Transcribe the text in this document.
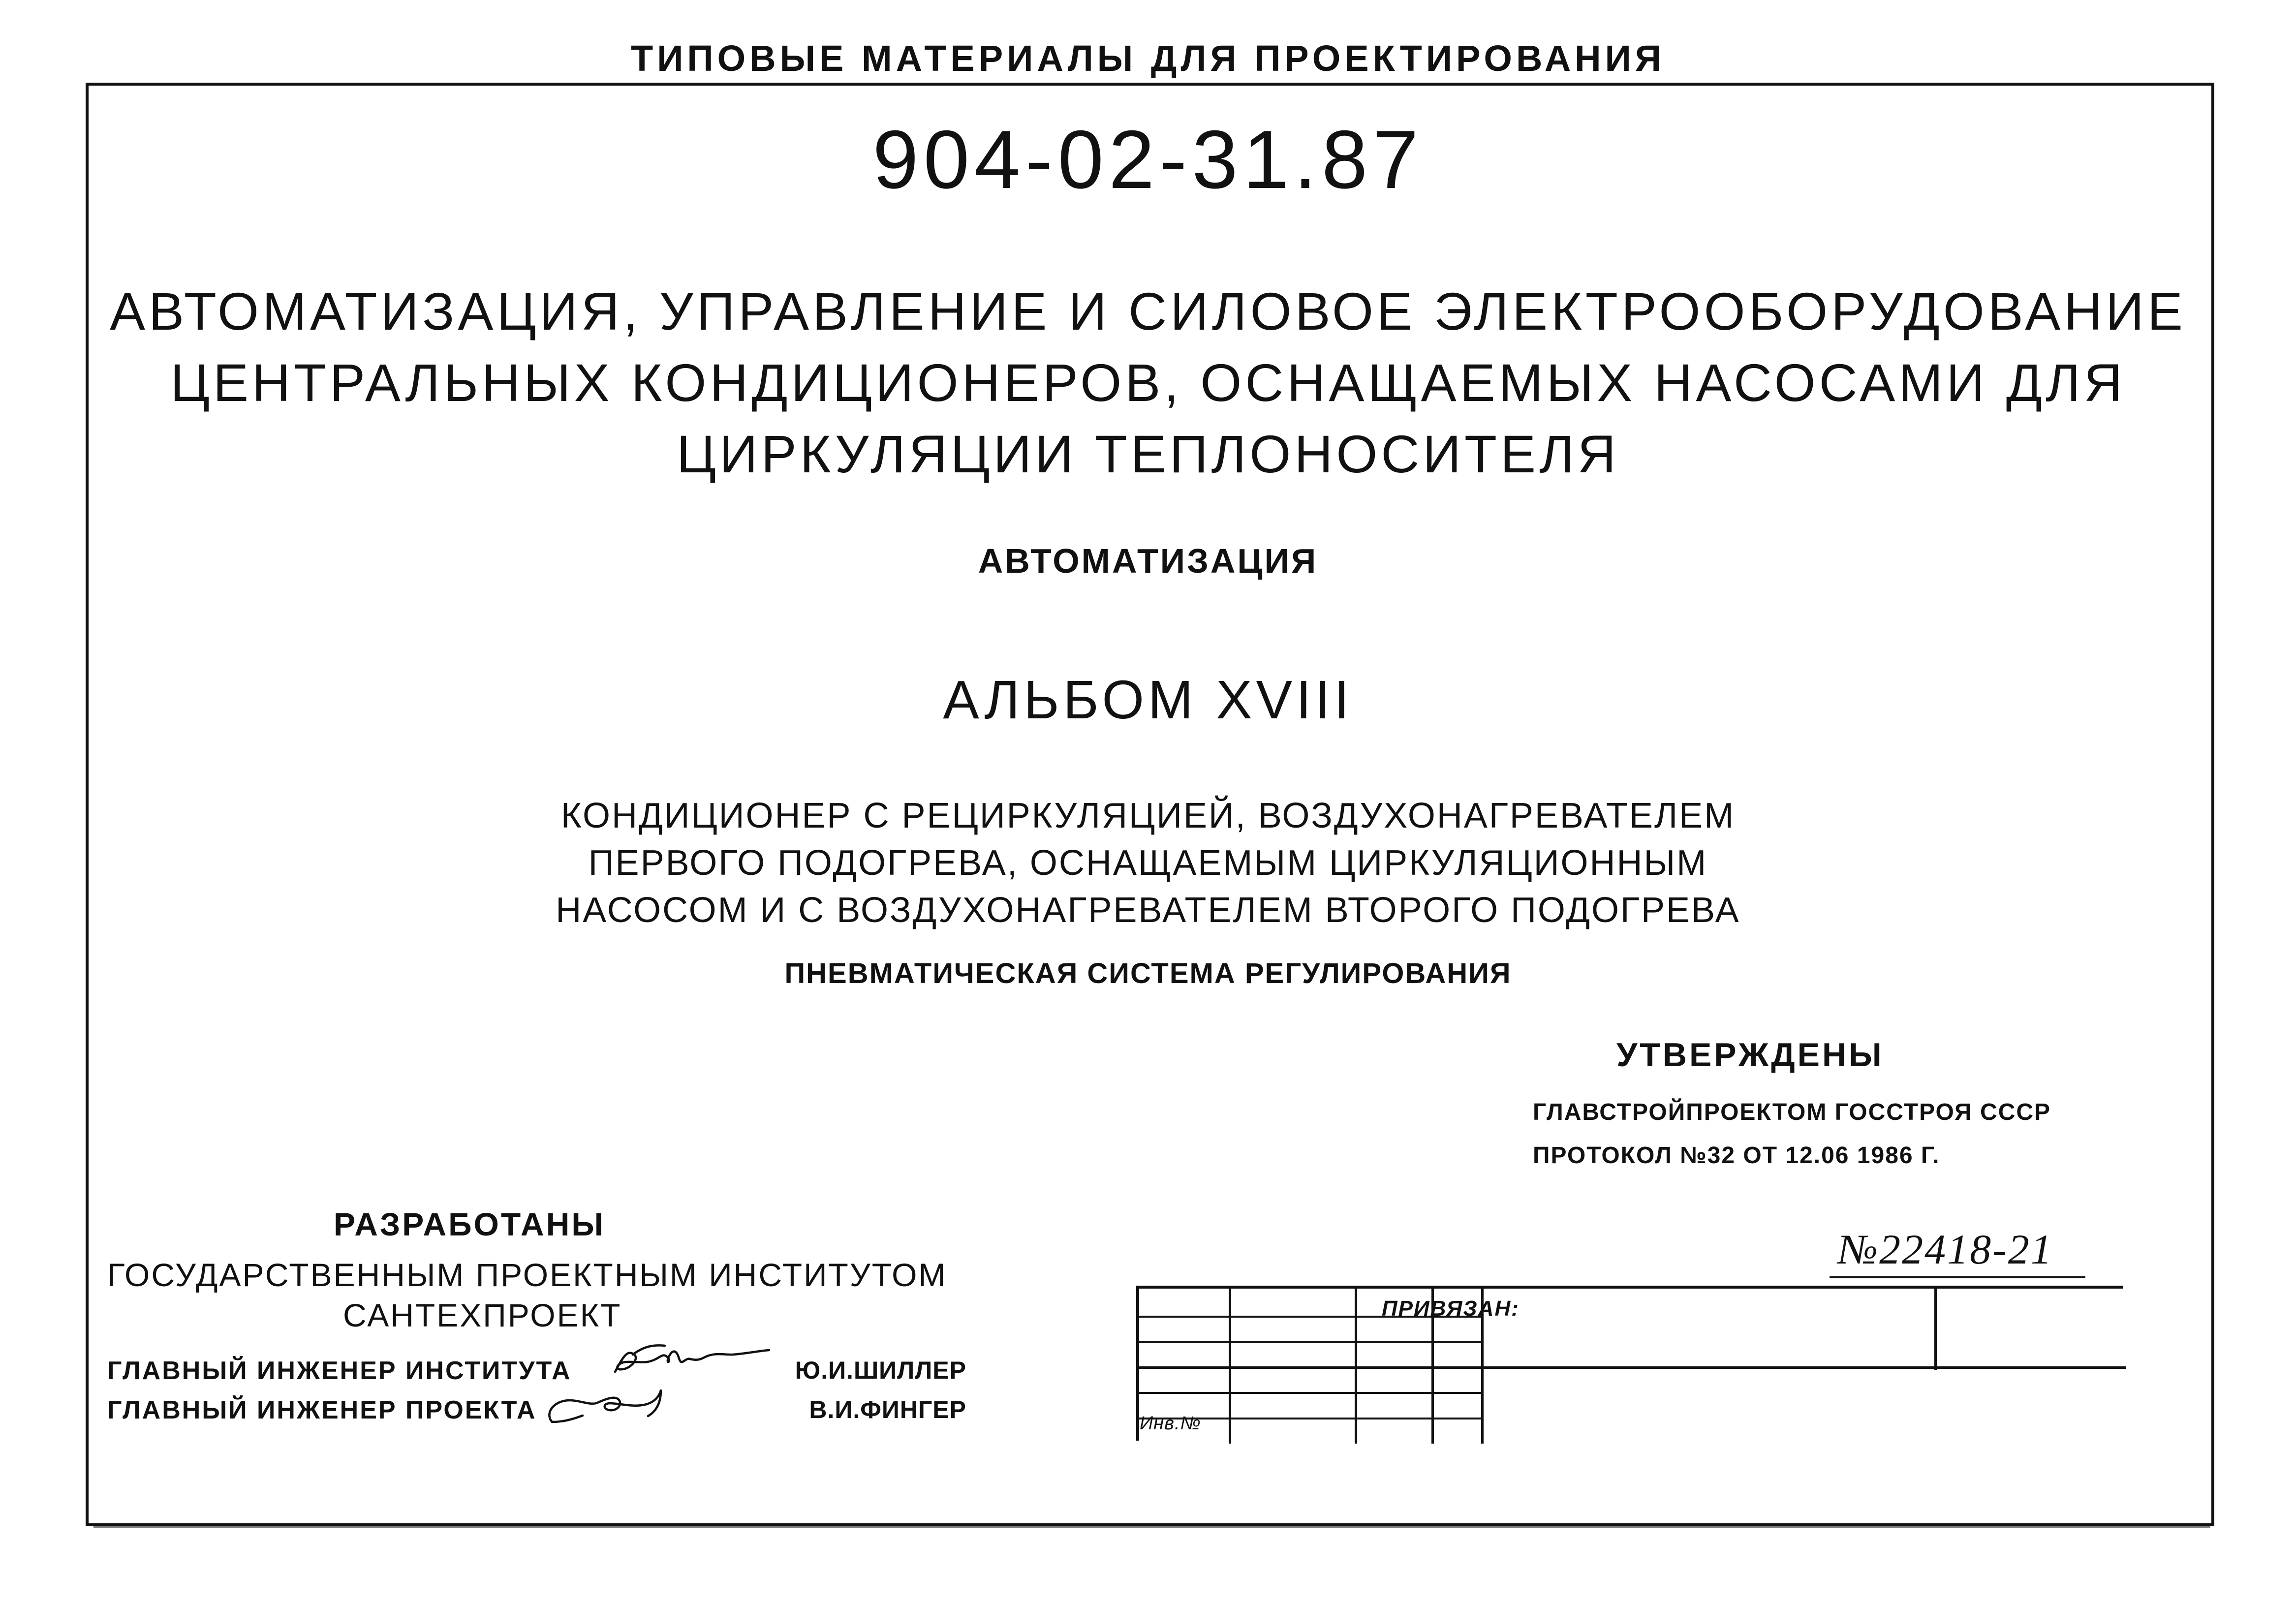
ТИПОВЫЕ МАТЕРИАЛЫ ДЛЯ ПРОЕКТИРОВАНИЯ
904-02-31.87
АВТОМАТИЗАЦИЯ, УПРАВЛЕНИЕ И СИЛОВОЕ ЭЛЕКТРООБОРУДОВАНИЕ
ЦЕНТРАЛЬНЫХ КОНДИЦИОНЕРОВ, ОСНАЩАЕМЫХ НАСОСАМИ ДЛЯ
ЦИРКУЛЯЦИИ ТЕПЛОНОСИТЕЛЯ
АВТОМАТИЗАЦИЯ
АЛЬБОМ XVIII
КОНДИЦИОНЕР С РЕЦИРКУЛЯЦИЕЙ, ВОЗДУХОНАГРЕВАТЕЛЕМ
ПЕРВОГО ПОДОГРЕВА, ОСНАЩАЕМЫМ ЦИРКУЛЯЦИОННЫМ
НАСОСОМ И С ВОЗДУХОНАГРЕВАТЕЛЕМ ВТОРОГО ПОДОГРЕВА
ПНЕВМАТИЧЕСКАЯ СИСТЕМА РЕГУЛИРОВАНИЯ
УТВЕРЖДЕНЫ
ГЛАВСТРОЙПРОЕКТОМ ГОССТРОЯ СССР
ПРОТОКОЛ №32 ОТ 12.06 1986 Г.
РАЗРАБОТАНЫ
ГОСУДАРСТВЕННЫМ ПРОЕКТНЫМ ИНСТИТУТОМ
САНТЕХПРОЕКТ
ГЛАВНЫЙ ИНЖЕНЕР ИНСТИТУТА	Ю.И.ШИЛЛЕР
ГЛАВНЫЙ ИНЖЕНЕР ПРОЕКТА	В.И.ФИНГЕР
№22418-21
ПРИВЯЗАН:
Инв.№
